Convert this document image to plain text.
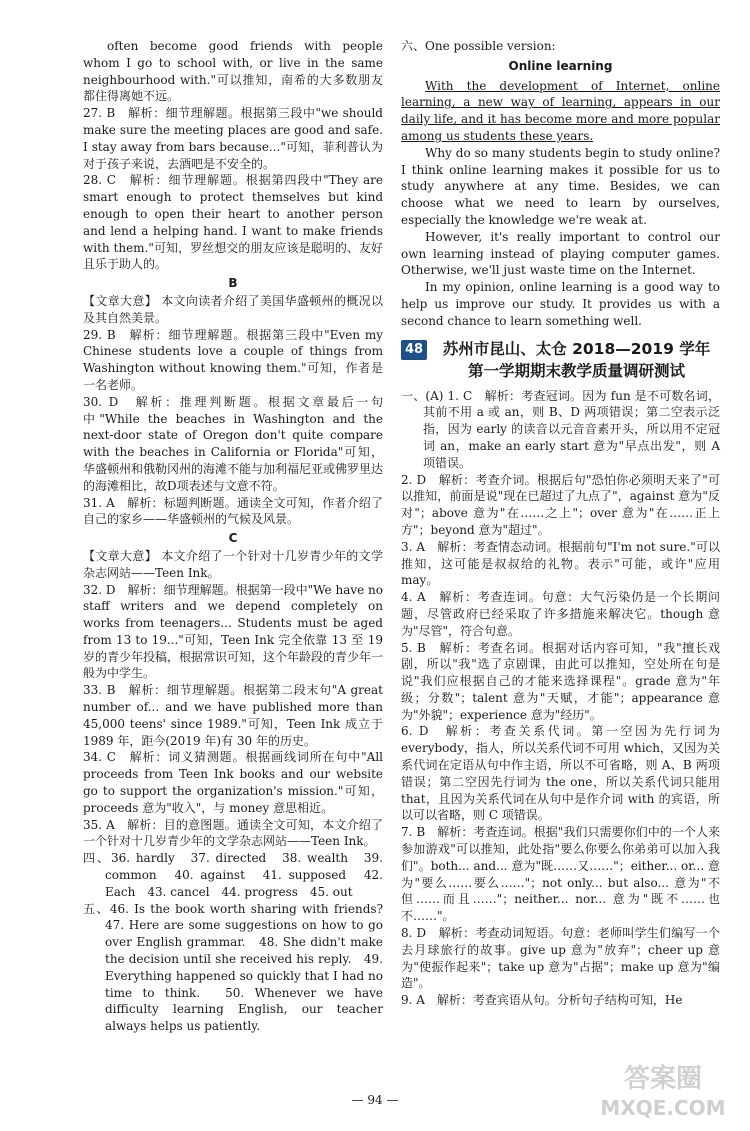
often become good friends with people whom I go to school with, or live in the same neighbourhood with."可以推知，南希的大多数朋友都住得离她不远。

27. B　解析：细节理解题。根据第三段中"we should make sure the meeting places are good and safe. I stay away from bars because..."可知，菲利普认为对于孩子来说，去酒吧是不安全的。

28. C　解析：细节理解题。根据第四段中"They are smart enough to protect themselves but kind enough to open their heart to another person and lend a helping hand. I want to make friends with them."可知，罗丝想交的朋友应该是聪明的、友好且乐于助人的。

B

【文章大意】 本文向读者介绍了美国华盛顿州的概况以及其自然美景。

29. B　解析：细节理解题。根据第三段中"Even my Chinese students love a couple of things from Washington without knowing them."可知，作者是一名老师。

30. D　解析：推理判断题。根据文章最后一句中"While the beaches in Washington and the next-door state of Oregon don't quite compare with the beaches in California or Florida"可知，华盛顿州和俄勒冈州的海滩不能与加利福尼亚或佛罗里达的海滩相比，故D项表述与文意不符。

31. A　解析：标题判断题。通读全文可知，作者介绍了自己的家乡——华盛顿州的气候及风景。

C

【文章大意】 本文介绍了一个针对十几岁青少年的文学杂志网站——Teen Ink。

32. D　解析：细节理解题。根据第一段中"We have no staff writers and we depend completely on works from teenagers... Students must be aged from 13 to 19..."可知，Teen Ink 完全依靠 13 至 19 岁的青少年投稿，根据常识可知，这个年龄段的青少年一般为中学生。

33. B　解析：细节理解题。根据第二段末句"A great number of... and we have published more than 45,000 teens' since 1989."可知，Teen Ink 成立于1989 年，距今(2019 年)有 30 年的历史。

34. C　解析：词义猜测题。根据画线词所在句中"All proceeds from Teen Ink books and our website go to support the organization's mission."可知，proceeds 意为"收入"，与 money 意思相近。

35. A　解析：目的意图题。通读全文可知，本文介绍了一个针对十几岁青少年的文学杂志网站——Teen Ink。

四、36. hardly　37. directed　38. wealth　39. common　40. against　41. supposed　42. Each　43. cancel　44. progress　45. out

五、46. Is the book worth sharing with friends?　47. Here are some suggestions on how to go over English grammar.　48. She didn't make the decision until she received his reply.　49. Everything happened so quickly that I had no time to think.　50. Whenever we have difficulty learning English, our teacher always helps us patiently.

六、One possible version:

Online learning

With the development of Internet, online learning, a new way of learning, appears in our daily life, and it has become more and more popular among us students these years.

Why do so many students begin to study online? I think online learning makes it possible for us to study anywhere at any time. Besides, we can choose what we need to learn by ourselves, especially the knowledge we're weak at.

However, it's really important to control our own learning instead of playing computer games. Otherwise, we'll just waste time on the Internet.

In my opinion, online learning is a good way to help us improve our study. It provides us with a second chance to learn something well.

48	苏州市昆山、太仓 2018—2019 学年
第一学期期末教学质量调研测试

一、(A) 1. C　解析：考查冠词。因为 fun 是不可数名词，其前不用 a 或 an，则 B、D 两项错误；第二空表示泛指，因为 early 的读音以元音音素开头，所以用不定冠词 an，make an early start 意为"早点出发"，则 A 项错误。

2. D　解析：考查介词。根据后句"恐怕你必须明天来了"可以推知，前面是说"现在已超过了九点了"，against 意为"反对"；above 意为"在……之上"；over 意为"在……正上方"；beyond 意为"超过"。

3. A　解析：考查情态动词。根据前句"I'm not sure."可以推知，这可能是叔叔给的礼物。表示"可能，或许"应用 may。

4. A　解析：考查连词。句意：大气污染仍是一个长期问题，尽管政府已经采取了许多措施来解决它。though 意为"尽管"，符合句意。

5. B　解析：考查名词。根据对话内容可知，"我"擅长戏剧，所以"我"选了京剧课，由此可以推知，空处所在句是说"我们应根据自己的才能来选择课程"。grade 意为"年级；分数"；talent 意为"天赋，才能"；appearance 意为"外貌"；experience 意为"经历"。

6. D　解析：考查关系代词。第一空因为先行词为 everybody，指人，所以关系代词不可用 which，又因为关系代词在定语从句中作主语，所以不可省略，则 A、B 两项错误；第二空因先行词为 the one，所以关系代词只能用 that，且因为关系代词在从句中是作介词 with 的宾语，所以可以省略，则 C 项错误。

7. B　解析：考查连词。根据"我们只需要你们中的一个人来参加游戏"可以推知，此处指"要么你要么你弟弟可以加入我们"。both... and... 意为"既……又……"；either... or... 意为"要么……要么……"；not only... but also... 意为"不但……而且……"；neither... nor... 意为"既不……也不……"。

8. D　解析：考查动词短语。句意：老师叫学生们编写一个去月球旅行的故事。give up 意为"放弃"；cheer up 意为"使振作起来"；take up 意为"占据"；make up 意为"编造"。

9. A　解析：考查宾语从句。分析句子结构可知，He

— 94 —
答案圈
MXQE.COM
